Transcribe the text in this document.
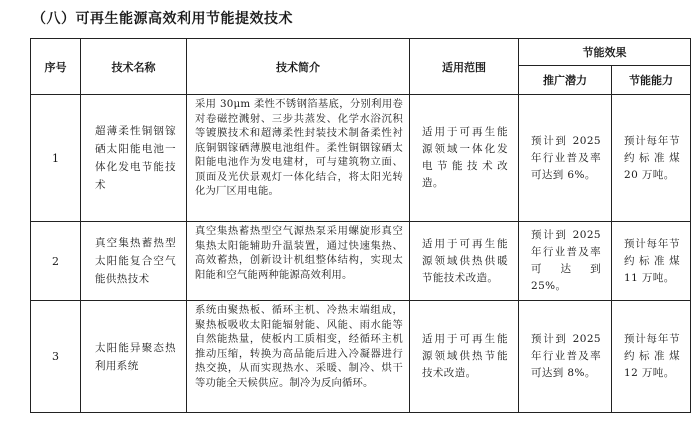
（八）可再生能源高效利用节能提效技术
序号	技术名称	技术简介	适用范围	节能效果	
				推广潜力	节能能力
1	超薄柔性铜铟镓硒太阳能电池一体化发电节能技术	采用 30μm 柔性不锈钢箔基底，分别利用卷对卷磁控溅射、三步共蒸发、化学水浴沉积等镀膜技术和超薄柔性封装技术制备柔性衬底铜铟镓硒薄膜电池组件。柔性铜铟镓硒太阳能电池作为发电建材，可与建筑物立面、顶面及光伏景观灯一体化结合，将太阳光转化为厂区用电能。	适用于可再生能源领域一体化发电节能技术改造。	预计到 2025 年行业普及率可达到 6%。	预计每年节约标准煤 20 万吨。
2	真空集热蓄热型太阳能复合空气能供热技术	真空集热蓄热型空气源热泵采用螺旋形真空集热太阳能辅助升温装置，通过快速集热、高效蓄热，创新设计机组整体结构，实现太阳能和空气能两种能源高效利用。	适用于可再生能源领域供热供暖节能技术改造。	预计到 2025 年行业普及率可达到 25%。	预计每年节约标准煤 11 万吨。
3	太阳能异聚态热利用系统	系统由聚热板、循环主机、冷热末端组成，聚热板吸收太阳能辐射能、风能、雨水能等自然能热量，使板内工质相变，经循环主机推动压缩，转换为高品能后进入冷凝器进行热交换，从而实现热水、采暖、制冷、烘干等功能全天候供应。制冷为反向循环。	适用于可再生能源领域供热节能技术改造。	预计到 2025 年行业普及率可达到 8%。	预计每年节约标准煤 12 万吨。
